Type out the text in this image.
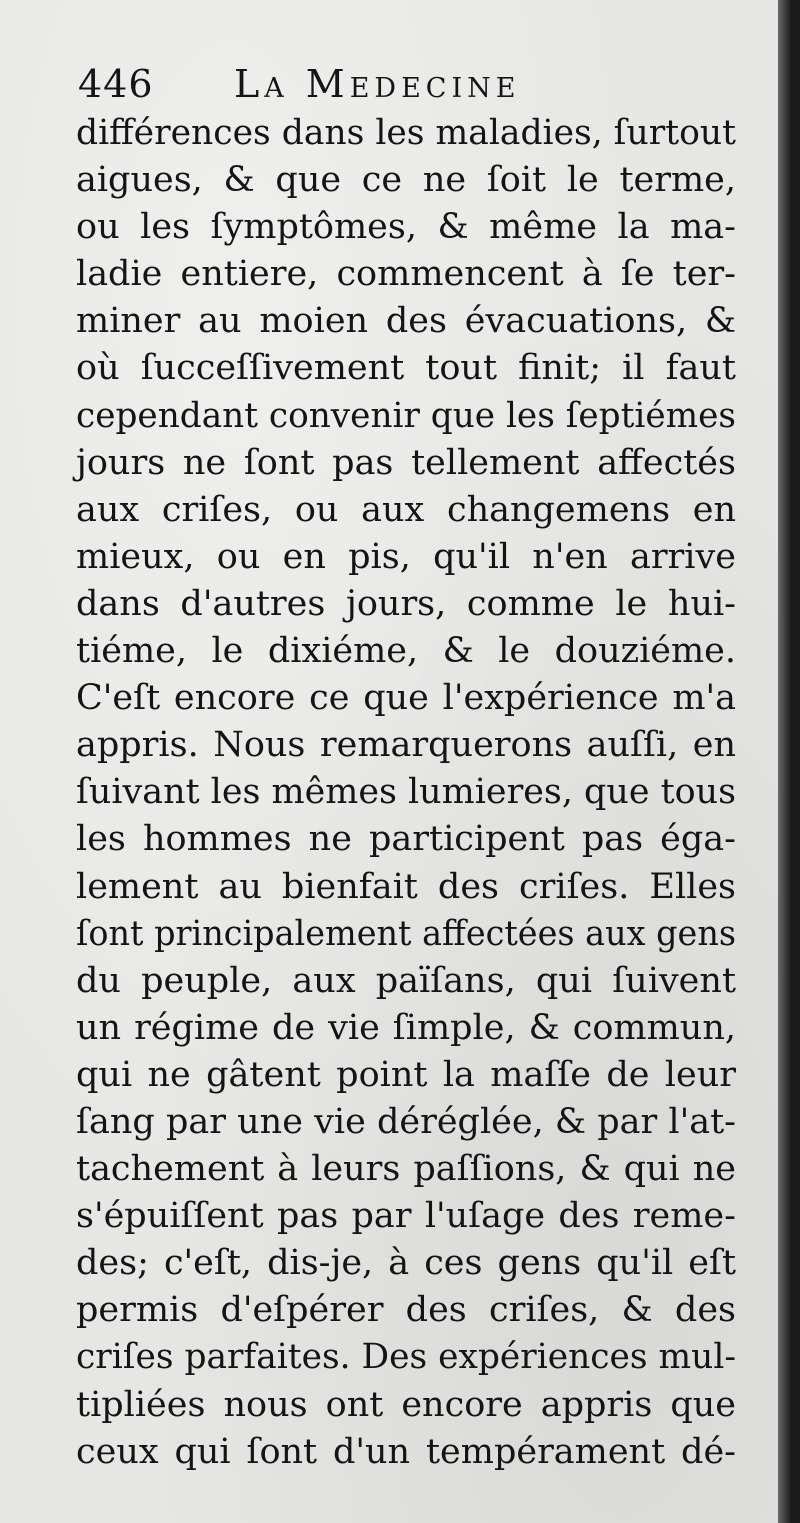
446 La Medecine
différences dans les maladies, ſurtout
aigues, & que ce ne ſoit le terme,
ou les ſymptômes, & même la ma-
ladie entiere, commencent à ſe ter-
miner au moien des évacuations, &
où ſucceſſivement tout finit; il faut
cependant convenir que les ſeptiémes
jours ne ſont pas tellement affectés
aux criſes, ou aux changemens en
mieux, ou en pis, qu'il n'en arrive
dans d'autres jours, comme le hui-
tiéme, le dixiéme, & le douziéme.
C'eſt encore ce que l'expérience m'a
appris. Nous remarquerons auſſi, en
ſuivant les mêmes lumieres, que tous
les hommes ne participent pas éga-
lement au bienfait des criſes. Elles
ſont principalement affectées aux gens
du peuple, aux païſans, qui ſuivent
un régime de vie ſimple, & commun,
qui ne gâtent point la maſſe de leur
ſang par une vie déréglée, & par l'at-
tachement à leurs paſſions, & qui ne
s'épuiſſent pas par l'uſage des reme-
des; c'eſt, dis-je, à ces gens qu'il eſt
permis d'eſpérer des criſes, & des
criſes parfaites. Des expériences mul-
tipliées nous ont encore appris que
ceux qui ſont d'un tempérament dé-
